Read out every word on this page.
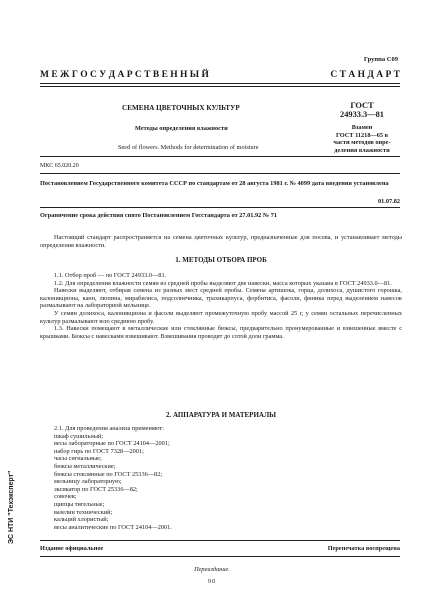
Группа С09
М Е Ж Г О С У Д А Р С Т В Е Н Н Ы Й	С Т А Н Д А Р Т
СЕМЕНА ЦВЕТОЧНЫХ КУЛЬТУР
Методы определения влажности
Seed of flowers. Methods for determination of moisture
ГОСТ
24933.3—81
Взамен
ГОСТ 11218—65 в
части методов опре-
деления влажности
МКС 65.020.20
Постановлением Государственного комитета СССР по стандартам от 28 августа 1981 г. № 4099 дата введения установлена
01.07.82
Ограничение срока действия снято Постановлением Госстандарта от 27.01.92 № 71

Настоящий стандарт распространяется на семена цветочных культур, предназначенные для посева, и устанавливает методы определения влажности.

1. МЕТОДЫ ОТБОРА ПРОБ

1.1. Отбор проб — по ГОСТ 24933.0—81.

1.2. Для определения влажности семян из средней пробы выделяют две навески, масса которых указана в ГОСТ 24933.0—81.

Навески выделяют, отбирая семена из разных мест средней пробы. Семена артишока, горца, долихоса, душистого горошка, калоникциона, канн, люпина, мирабилиса, подсолнечника, трахикарпуса, форбитиса, фасоли, финика перед выделением навесок размалывают на лабораторной мельнице.

У семян долихоса, калоникциона и фасоли выделяют промежуточную пробу массой 25 г, у семян остальных перечисленных культур размалывают всю среднюю пробу.

1.3. Навески помещают в металлические или стеклянные бюксы, предварительно пронумерованные и взвешенные вместе с крышками. Бюксы с навесками взвешивают. Взвешивания проводят до сотой доли грамма.

2. АППАРАТУРА И МАТЕРИАЛЫ
2.1. Для проведения анализа применяют:
шкаф сушильный;
весы лабораторные по ГОСТ 24104—2001;
набор гирь по ГОСТ 7328—2001;
часы сигнальные;
бюксы металлические;
бюксы стеклянные по ГОСТ 25336—82;
мельницу лабораторную;
эксикатор по ГОСТ 25336—82;
совочек;
щипцы тигельные;
вазелин технический;
кальций хлористый;
весы аналитические по ГОСТ 24104—2001.
Издание официальное	Перепечатка воспрещена
Переиздание.
90
ЭС НТИ "Техэксперт"
